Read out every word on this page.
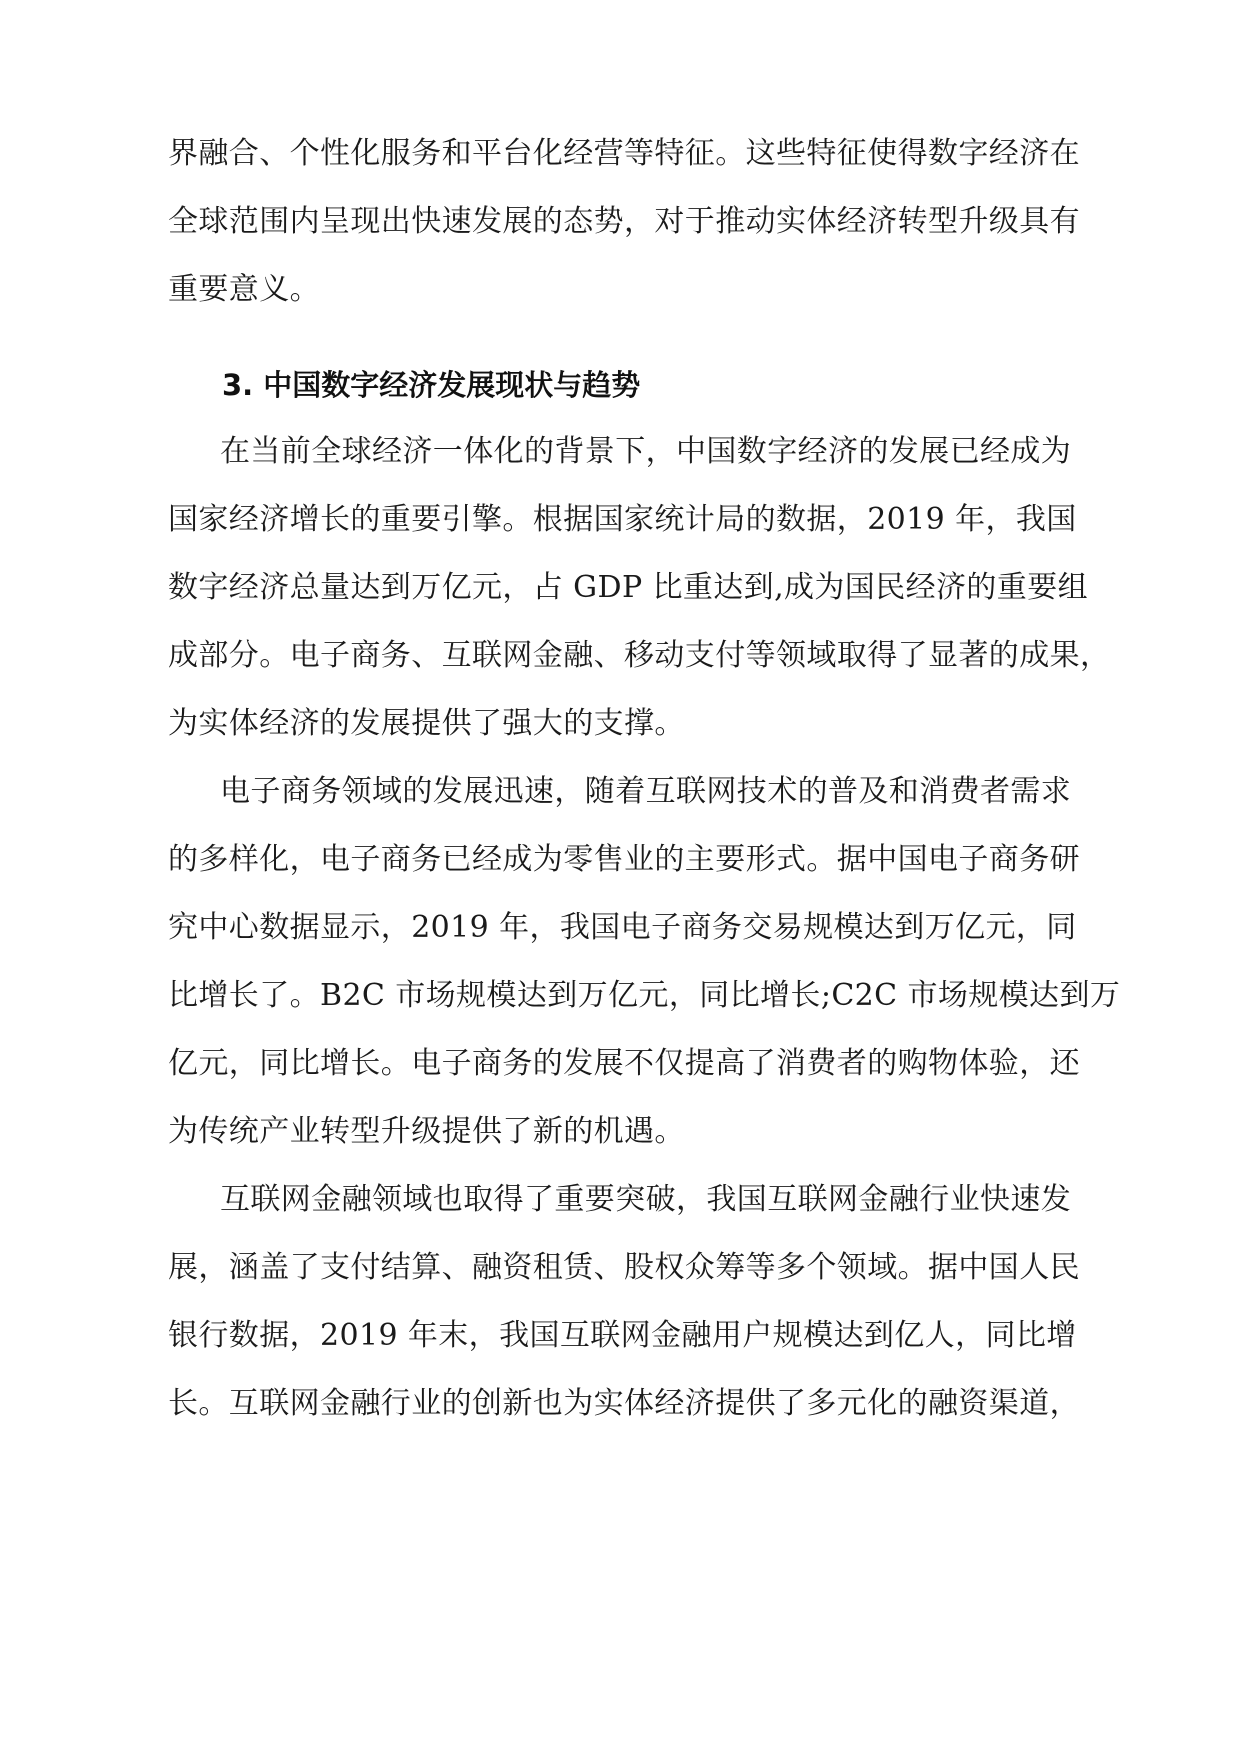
界融合、个性化服务和平台化经营等特征。这些特征使得数字经济在
全球范围内呈现出快速发展的态势，对于推动实体经济转型升级具有
重要意义。
3. 中国数字经济发展现状与趋势
在当前全球经济一体化的背景下，中国数字经济的发展已经成为
国家经济增长的重要引擎。根据国家统计局的数据，2019 年，我国
数字经济总量达到万亿元，占 GDP 比重达到,成为国民经济的重要组
成部分。电子商务、互联网金融、移动支付等领域取得了显著的成果，
为实体经济的发展提供了强大的支撑。
电子商务领域的发展迅速，随着互联网技术的普及和消费者需求
的多样化，电子商务已经成为零售业的主要形式。据中国电子商务研
究中心数据显示，2019 年，我国电子商务交易规模达到万亿元，同
比增长了。B2C 市场规模达到万亿元，同比增长;C2C 市场规模达到万
亿元，同比增长。电子商务的发展不仅提高了消费者的购物体验，还
为传统产业转型升级提供了新的机遇。
互联网金融领域也取得了重要突破，我国互联网金融行业快速发
展，涵盖了支付结算、融资租赁、股权众筹等多个领域。据中国人民
银行数据，2019 年末，我国互联网金融用户规模达到亿人，同比增
长。互联网金融行业的创新也为实体经济提供了多元化的融资渠道，
